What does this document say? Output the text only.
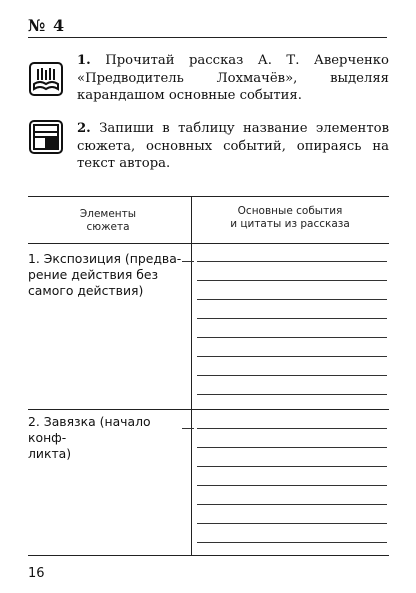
№ 4
1. Прочитай рассказ А. Т. Аверченко «Предводитель Лохмачёв», выделяя карандашом основные события.
2. Запиши в таблицу название элементов сюжета, основных событий, опираясь на текст автора.
Элементы
сюжета
Основные события
и цитаты из рассказа
1. Экспозиция (предва-
рение действия без
самого действия)
2. Завязка (начало конф-
ликта)
16
